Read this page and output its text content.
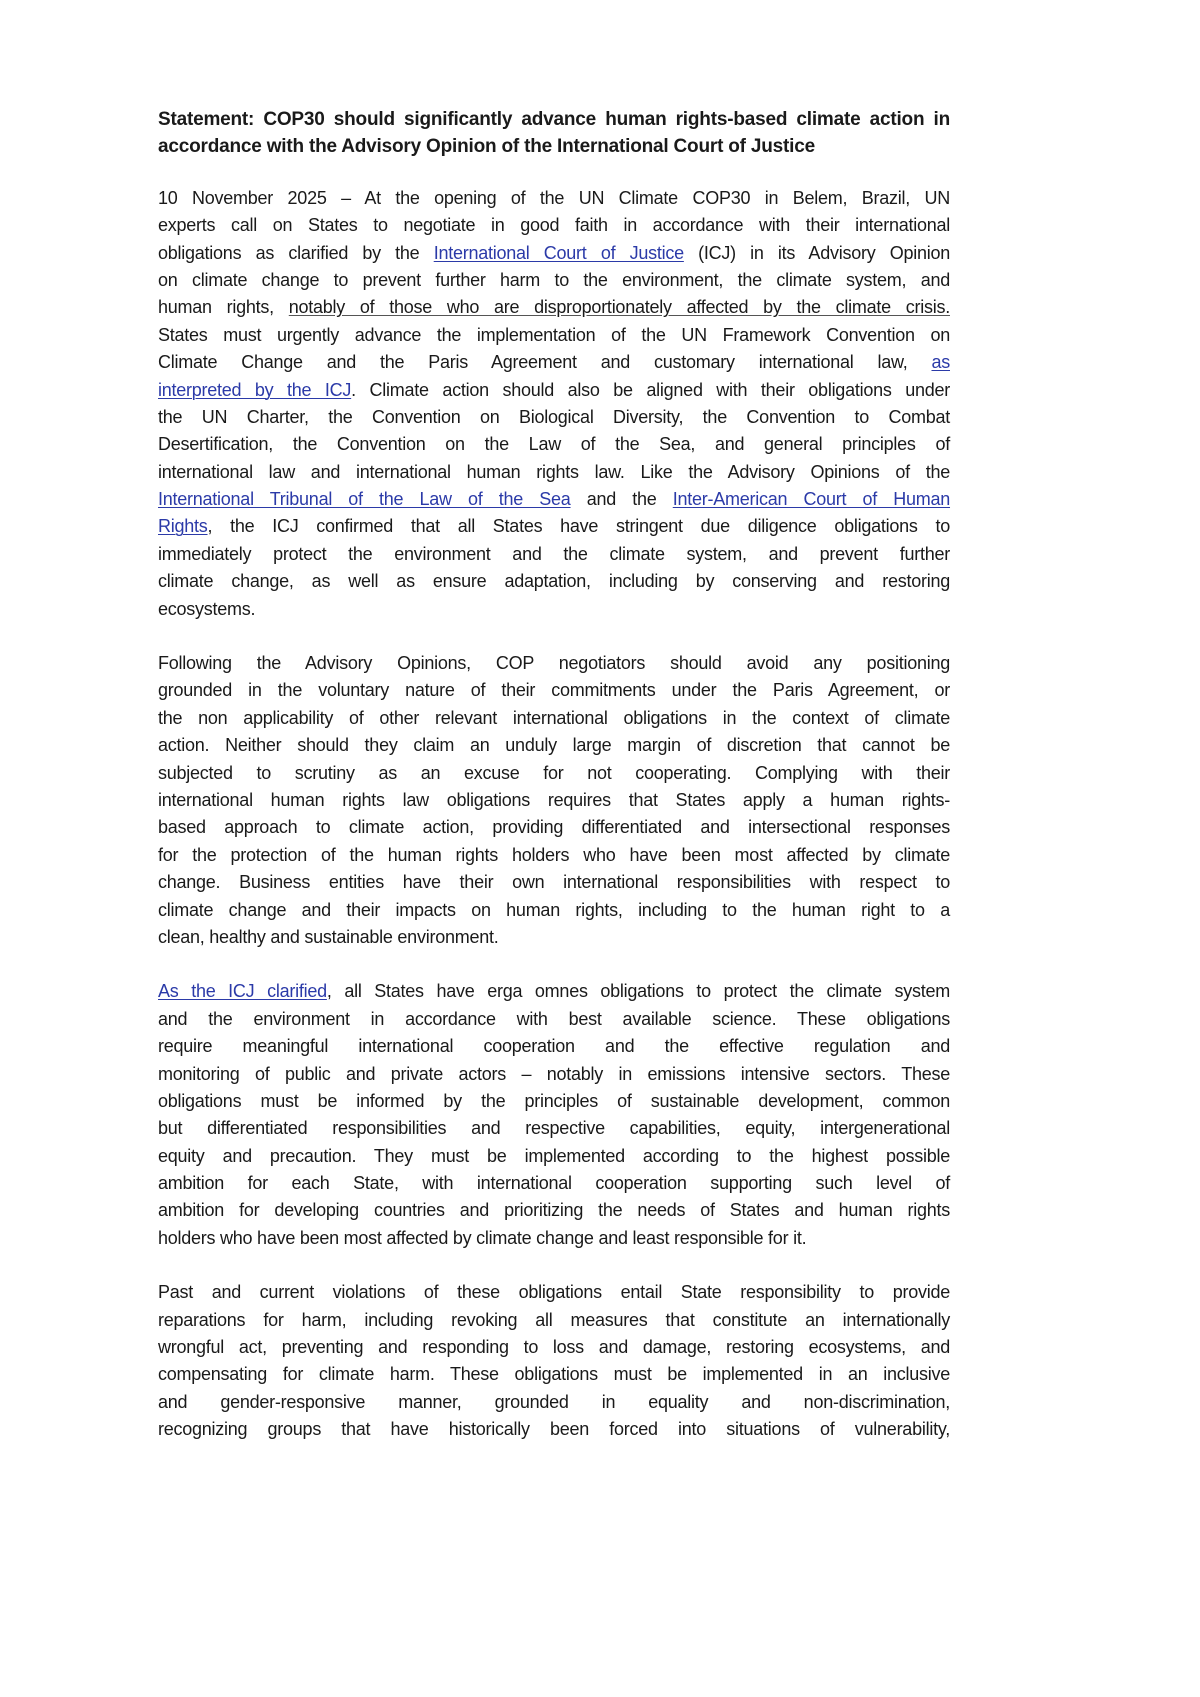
Statement: COP30 should significantly advance human rights-based climate action in
accordance with the Advisory Opinion of the International Court of Justice
10 November 2025 – At the opening of the UN Climate COP30 in Belem, Brazil, UN
experts call on States to negotiate in good faith in accordance with their international
obligations as clarified by the International Court of Justice (ICJ) in its Advisory Opinion
on climate change to prevent further harm to the environment, the climate system, and
human rights, notably of those who are disproportionately affected by the climate crisis.
States must urgently advance the implementation of the UN Framework Convention on
Climate Change and the Paris Agreement and customary international law, as
interpreted by the ICJ. Climate action should also be aligned with their obligations under
the UN Charter, the Convention on Biological Diversity, the Convention to Combat
Desertification, the Convention on the Law of the Sea, and general principles of
international law and international human rights law. Like the Advisory Opinions of the
International Tribunal of the Law of the Sea and the Inter-American Court of Human
Rights, the ICJ confirmed that all States have stringent due diligence obligations to
immediately protect the environment and the climate system, and prevent further
climate change, as well as ensure adaptation, including by conserving and restoring
ecosystems.
Following the Advisory Opinions, COP negotiators should avoid any positioning
grounded in the voluntary nature of their commitments under the Paris Agreement, or
the non applicability of other relevant international obligations in the context of climate
action. Neither should they claim an unduly large margin of discretion that cannot be
subjected to scrutiny as an excuse for not cooperating. Complying with their
international human rights law obligations requires that States apply a human rights-
based approach to climate action, providing differentiated and intersectional responses
for the protection of the human rights holders who have been most affected by climate
change. Business entities have their own international responsibilities with respect to
climate change and their impacts on human rights, including to the human right to a
clean, healthy and sustainable environment.
As the ICJ clarified, all States have erga omnes obligations to protect the climate system
and the environment in accordance with best available science. These obligations
require meaningful international cooperation and the effective regulation and
monitoring of public and private actors – notably in emissions intensive sectors. These
obligations must be informed by the principles of sustainable development, common
but differentiated responsibilities and respective capabilities, equity, intergenerational
equity and precaution. They must be implemented according to the highest possible
ambition for each State, with international cooperation supporting such level of
ambition for developing countries and prioritizing the needs of States and human rights
holders who have been most affected by climate change and least responsible for it.
Past and current violations of these obligations entail State responsibility to provide
reparations for harm, including revoking all measures that constitute an internationally
wrongful act, preventing and responding to loss and damage, restoring ecosystems, and
compensating for climate harm. These obligations must be implemented in an inclusive
and gender-responsive manner, grounded in equality and non-discrimination,
recognizing groups that have historically been forced into situations of vulnerability,
